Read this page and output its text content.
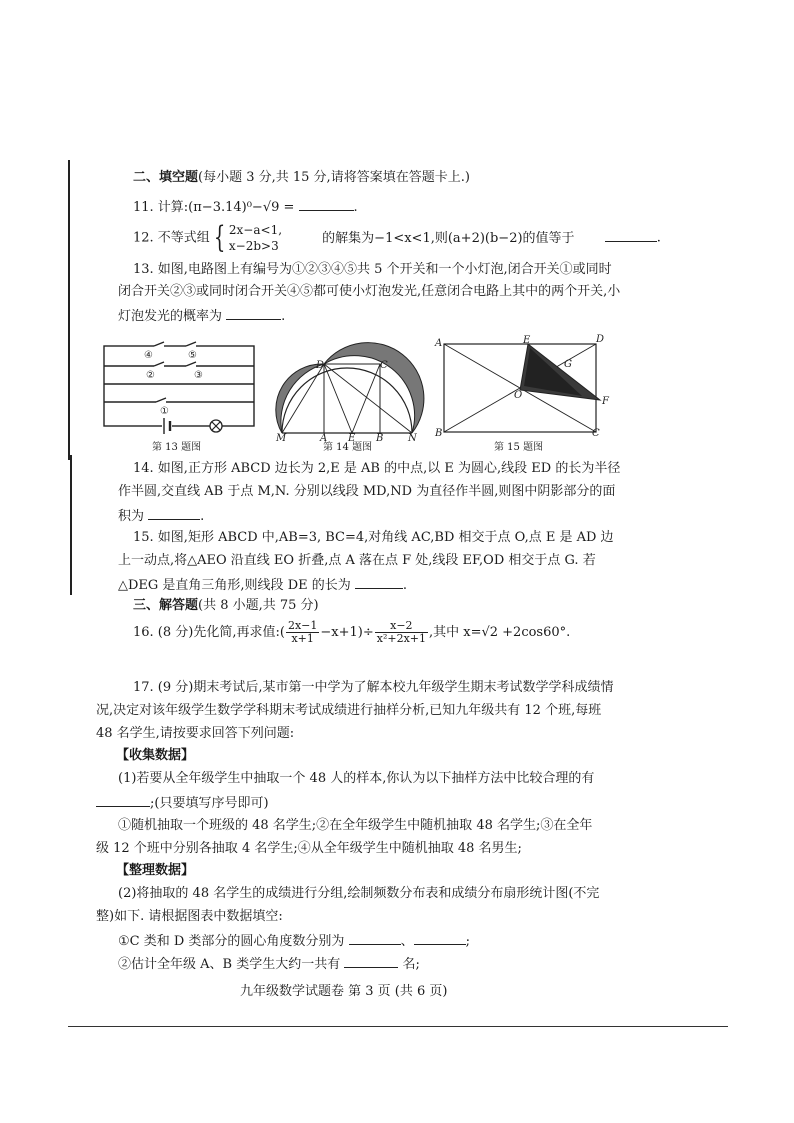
二、填空题(每小题 3 分,共 15 分,请将答案填在答题卡上.)
11. 计算:(π−3.14)⁰−√9 =	.
12. 不等式组 { 2x−a<1,
x−2b>3
的解集为−1<x<1,则(a+2)(b−2)的值等于	.
13. 如图,电路图上有编号为①②③④⑤共 5 个开关和一个小灯泡,闭合开关①或同时
闭合开关②③或同时闭合开关④⑤都可使小灯泡发光,任意闭合电路上其中的两个开关,小
灯泡发光的概率为	.
④	⑤
②	③
①
第 13 题图
D	C
M	A E B N
第 14 题图
A	E	D
G
O
F
B	C
第 15 题图
14. 如图,正方形 ABCD 边长为 2,E 是 AB 的中点,以 E 为圆心,线段 ED 的长为半径
作半圆,交直线 AB 于点 M,N. 分别以线段 MD,ND 为直径作半圆,则图中阴影部分的面
积为	.
15. 如图,矩形 ABCD 中,AB=3, BC=4,对角线 AC,BD 相交于点 O,点 E 是 AD 边
上一动点,将△AEO 沿直线 EO 折叠,点 A 落在点 F 处,线段 EF,OD 相交于点 G. 若
△DEG 是直角三角形,则线段 DE 的长为	.
三、解答题(共 8 小题,共 75 分)
16. (8 分)先化简,再求值:( $\frac{2x-1}{x+1} -x+1)\div \frac{x-2}{\text{x²+2x+1}}$ ,其中 x=√2 +2cos60°.
17. (9 分)期末考试后,某市第一中学为了解本校九年级学生期末考试数学学科成绩情
况,决定对该年级学生数学学科期末考试成绩进行抽样分析,已知九年级共有 12 个班,每班
48 名学生,请按要求回答下列问题:
【收集数据】
(1)若要从全年级学生中抽取一个 48 人的样本,你认为以下抽样方法中比较合理的有
;(只要填写序号即可)
①随机抽取一个班级的 48 名学生;②在全年级学生中随机抽取 48 名学生;③在全年
级 12 个班中分别各抽取 4 名学生;④从全年级学生中随机抽取 48 名男生;
【整理数据】
(2)将抽取的 48 名学生的成绩进行分组,绘制频数分布表和成绩分布扇形统计图(不完
整)如下. 请根据图表中数据填空:
①C 类和 D 类部分的圆心角度数分别为	、	;
②估计全年级 A、B 类学生大约一共有	名;
九年级数学试题卷 第 3 页 (共 6 页)
